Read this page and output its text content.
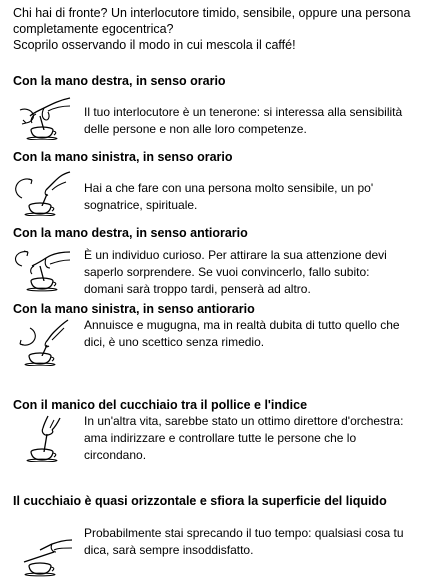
Chi hai di fronte? Un interlocutore timido, sensibile, oppure una persona completamente egocentrica?

Scoprilo osservando il modo in cui mescola il caffé!

Con la mano destra, in senso orario
Il tuo interlocutore è un tenerone: si interessa alla sensibilità delle persone e non alle loro competenze.
Con la mano sinistra, in senso orario
Hai a che fare con una persona molto sensibile, un po' sognatrice, spirituale.
Con la mano destra, in senso antiorario
È un individuo curioso. Per attirare la sua attenzione devi saperlo sorprendere. Se vuoi convincerlo, fallo subito: domani sarà troppo tardi, penserà ad altro.
Con la mano sinistra, in senso antiorario
Annuisce e mugugna, ma in realtà dubita di tutto quello che dici, è uno scettico senza rimedio.
Con il manico del cucchiaio tra il pollice e l'indice
In un'altra vita, sarebbe stato un ottimo direttore d'orchestra: ama indirizzare e controllare tutte le persone che lo circondano.
Il cucchiaio è quasi orizzontale e sfiora la superficie del liquido
Probabilmente stai sprecando il tuo tempo: qualsiasi cosa tu dica, sarà sempre insoddisfatto.
